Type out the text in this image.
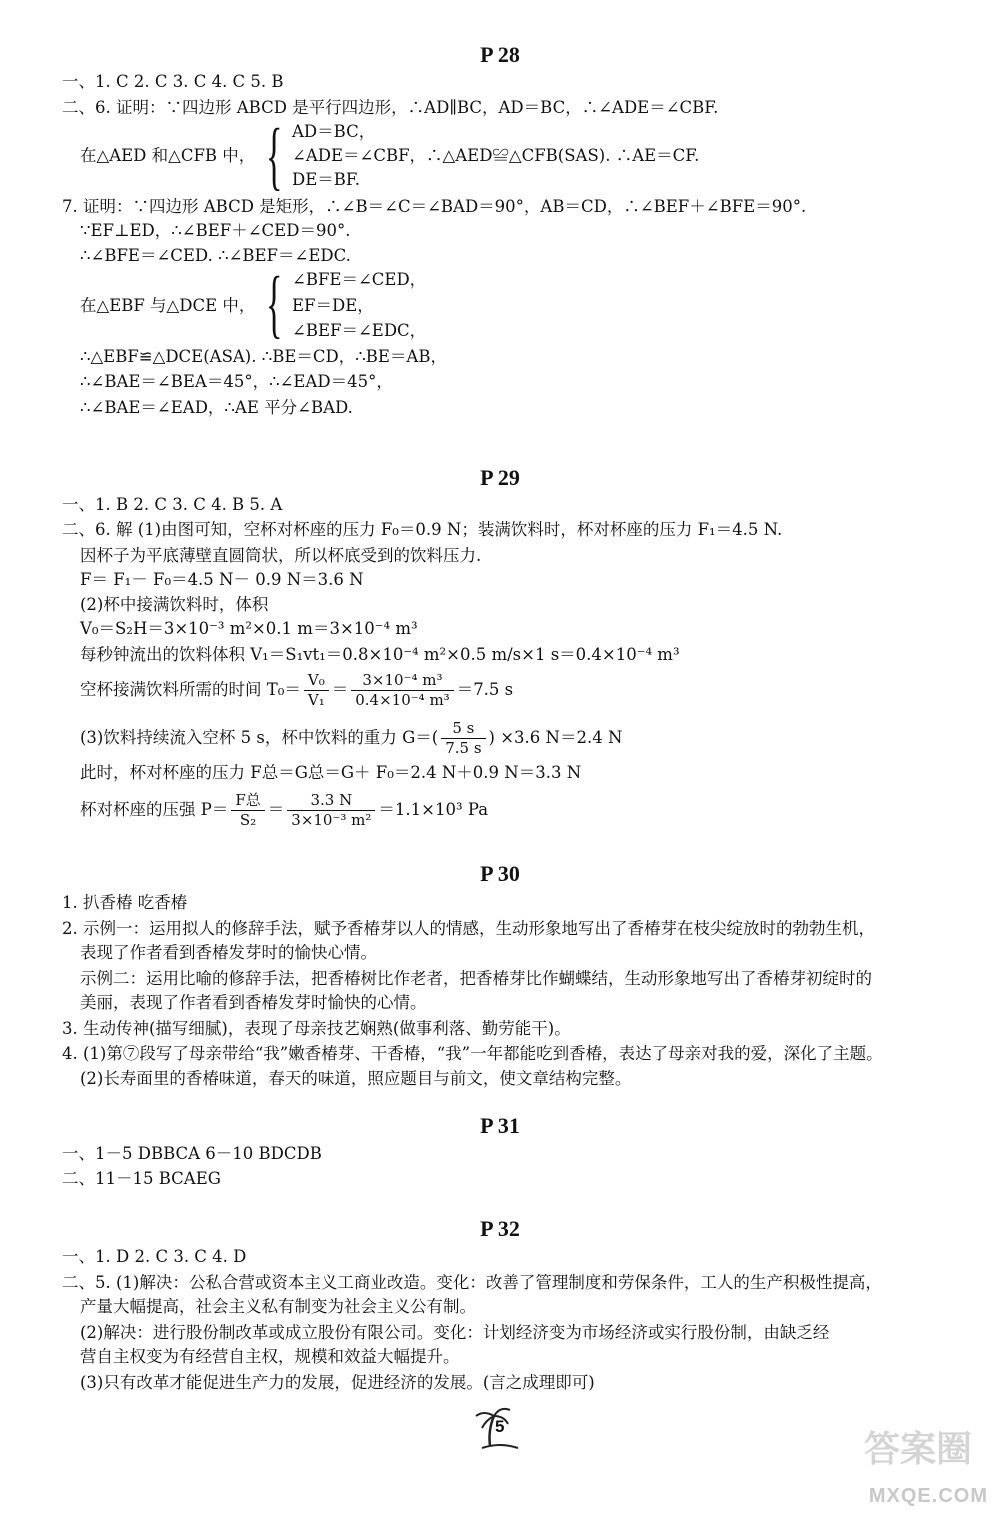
P 28
一、1. C 2. C 3. C 4. C 5. B
二、6. 证明：∵四边形 ABCD 是平行四边形，∴AD∥BC，AD＝BC，∴∠ADE＝∠CBF.
在△AED 和△CFB 中， { AD＝BC，
∠ADE＝∠CBF，∴△AED≌△CFB(SAS). ∴AE＝CF.
DE＝BF.
7. 证明：∵四边形 ABCD 是矩形，∴∠B＝∠C＝∠BAD＝90°，AB＝CD，∴∠BEF＋∠BFE＝90°.
∵EF⊥ED，∴∠BEF＋∠CED＝90°.
∴∠BFE＝∠CED. ∴∠BEF＝∠EDC.
在△EBF 与△DCE 中， { ∠BFE＝∠CED，
EF＝DE，
∠BEF＝∠EDC，
∴△EBF≌△DCE(ASA). ∴BE＝CD，∴BE＝AB，
∴∠BAE＝∠BEA＝45°，∴∠EAD＝45°，
∴∠BAE＝∠EAD，∴AE 平分∠BAD.
P 29
一、1. B 2. C 3. C 4. B 5. A
二、6. 解 (1)由图可知，空杯对杯座的压力 F₀＝0.9 N；装满饮料时，杯对杯座的压力 F₁＝4.5 N.
因杯子为平底薄壁直圆筒状，所以杯底受到的饮料压力.
F＝ F₁－ F₀＝4.5 N－ 0.9 N＝3.6 N
(2)杯中接满饮料时，体积
V₀＝S₂H＝3×10⁻³ m²×0.1 m＝3×10⁻⁴ m³
每秒钟流出的饮料体积 V₁＝S₁vt₁＝0.8×10⁻⁴ m²×0.5 m/s×1 s＝0.4×10⁻⁴ m³
空杯接满饮料所需的时间 $T_0= \frac{\text{V₀}}{\text{V₁}} = \frac{\text{3×10⁻⁴ m³}}{\text{0.4×10⁻⁴ m³}} =7.5$ s
(3)饮料持续流入空杯 5 s，杯中饮料的重力 $G=( \frac{5 s}{7.5 s}$ ) ×3.6 N＝2.4 N
此时，杯对杯座的压力 F总＝G总＝G＋ F₀＝2.4 N＋0.9 N＝3.3 N
杯对杯座的压强 $P= \frac{\text{F总}}{\text{S₂}} = \frac{3.3 N}{\text{3×10⁻³ m²}} =1.1\times 10^3$ Pa
P 30
1. 扒香椿 吃香椿
2. 示例一：运用拟人的修辞手法，赋予香椿芽以人的情感，生动形象地写出了香椿芽在枝尖绽放时的勃勃生机，
表现了作者看到香椿发芽时的愉快心情。
示例二：运用比喻的修辞手法，把香椿树比作老者，把香椿芽比作蝴蝶结，生动形象地写出了香椿芽初绽时的
美丽，表现了作者看到香椿发芽时愉快的心情。
3. 生动传神(描写细腻)，表现了母亲技艺娴熟(做事利落、勤劳能干)。
4. (1)第⑦段写了母亲带给“我”嫩香椿芽、干香椿，“我”一年都能吃到香椿，表达了母亲对我的爱，深化了主题。
(2)长寿面里的香椿味道，春天的味道，照应题目与前文，使文章结构完整。
P 31
一、1－5 DBBCA 6－10 BDCDB
二、11－15 BCAEG
P 32
一、1. D 2. C 3. C 4. D
二、5. (1)解决：公私合营或资本主义工商业改造。变化：改善了管理制度和劳保条件，工人的生产积极性提高，
产量大幅提高，社会主义私有制变为社会主义公有制。
(2)解决：进行股份制改革或成立股份有限公司。变化：计划经济变为市场经济或实行股份制，由缺乏经
营自主权变为有经营自主权，规模和效益大幅提升。
(3)只有改革才能促进生产力的发展，促进经济的发展。(言之成理即可)
5
答案圈
MXQE.COM
